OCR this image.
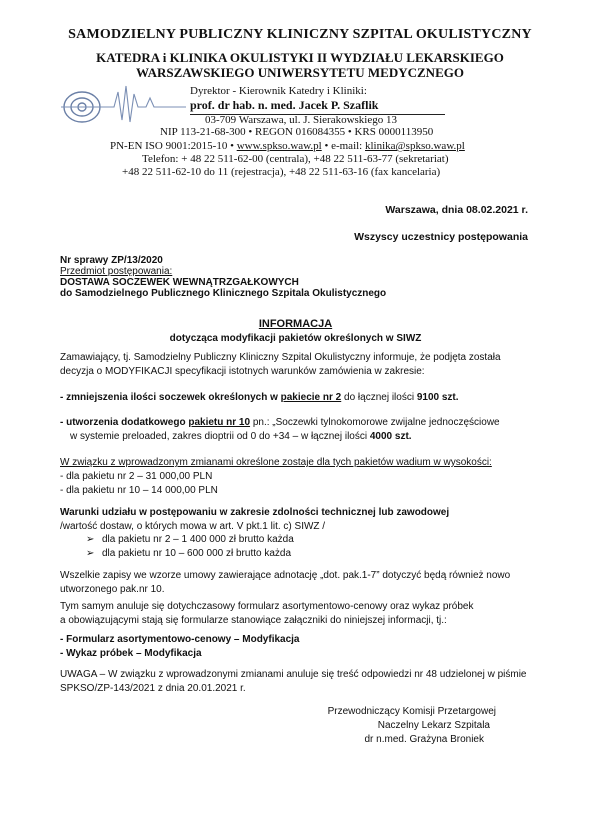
SAMODZIELNY PUBLICZNY KLINICZNY SZPITAL OKULISTYCZNY
KATEDRA i KLINIKA OKULISTYKI II WYDZIAŁU LEKARSKIEGO
WARSZAWSKIEGO UNIWERSYTETU MEDYCZNEGO
Dyrektor - Kierownik Katedry i Kliniki:
prof. dr hab. n. med. Jacek P. Szaflik
03-709 Warszawa, ul. J. Sierakowskiego 13
NIP 113-21-68-300 • REGON 016084355 • KRS 0000113950
PN-EN ISO 9001:2015-10 • www.spkso.waw.pl • e-mail: klinika@spkso.waw.pl
Telefon: + 48 22 511-62-00 (centrala), +48 22 511-63-77 (sekretariat)
+48 22 511-62-10 do 11 (rejestracja), +48 22 511-63-16 (fax kancelaria)
Warszawa, dnia 08.02.2021 r.
Wszyscy uczestnicy postępowania
Nr sprawy ZP/13/2020
Przedmiot postępowania:
DOSTAWA SOCZEWEK WEWNĄTRZGAŁKOWYCH
do Samodzielnego Publicznego Klinicznego Szpitala Okulistycznego
INFORMACJA
dotycząca modyfikacji pakietów określonych w SIWZ
Zamawiający, tj. Samodzielny Publiczny Kliniczny Szpital Okulistyczny informuje, że podjęta została
decyzja o MODYFIKACJI specyfikacji istotnych warunków zamówienia w zakresie:
- zmniejszenia ilości soczewek określonych w pakiecie nr 2 do łącznej ilości 9100 szt.
- utworzenia dodatkowego pakietu nr 10 pn.: „Soczewki tylnokomorowe zwijalne jednoczęściowe
w systemie preloaded, zakres dioptrii od 0 do +34 – w łącznej ilości 4000 szt.
W związku z wprowadzonym zmianami określone zostaje dla tych pakietów wadium w wysokości:
- dla pakietu nr 2 – 31 000,00 PLN
- dla pakietu nr 10 – 14 000,00 PLN
Warunki udziału w postępowaniu w zakresie zdolności technicznej lub zawodowej
/wartość dostaw, o których mowa w art. V pkt.1 lit. c) SIWZ /
➢ dla pakietu nr 2 – 1 400 000 zł brutto każda
➢ dla pakietu nr 10 – 600 000 zł brutto każda
Wszelkie zapisy we wzorze umowy zawierające adnotację „dot. pak.1-7” dotyczyć będą również nowo
utworzonego pak.nr 10.
Tym samym anuluje się dotychczasowy formularz asortymentowo-cenowy oraz wykaz próbek
a obowiązującymi stają się formularze stanowiące załączniki do niniejszej informacji, tj.:
- Formularz asortymentowo-cenowy – Modyfikacja
- Wykaz próbek – Modyfikacja
UWAGA – W związku z wprowadzonymi zmianami anuluje się treść odpowiedzi nr 48 udzielonej w piśmie
SPKSO/ZP-143/2021 z dnia 20.01.2021 r.
Przewodniczący Komisji Przetargowej
Naczelny Lekarz Szpitala
dr n.med. Grażyna Broniek
